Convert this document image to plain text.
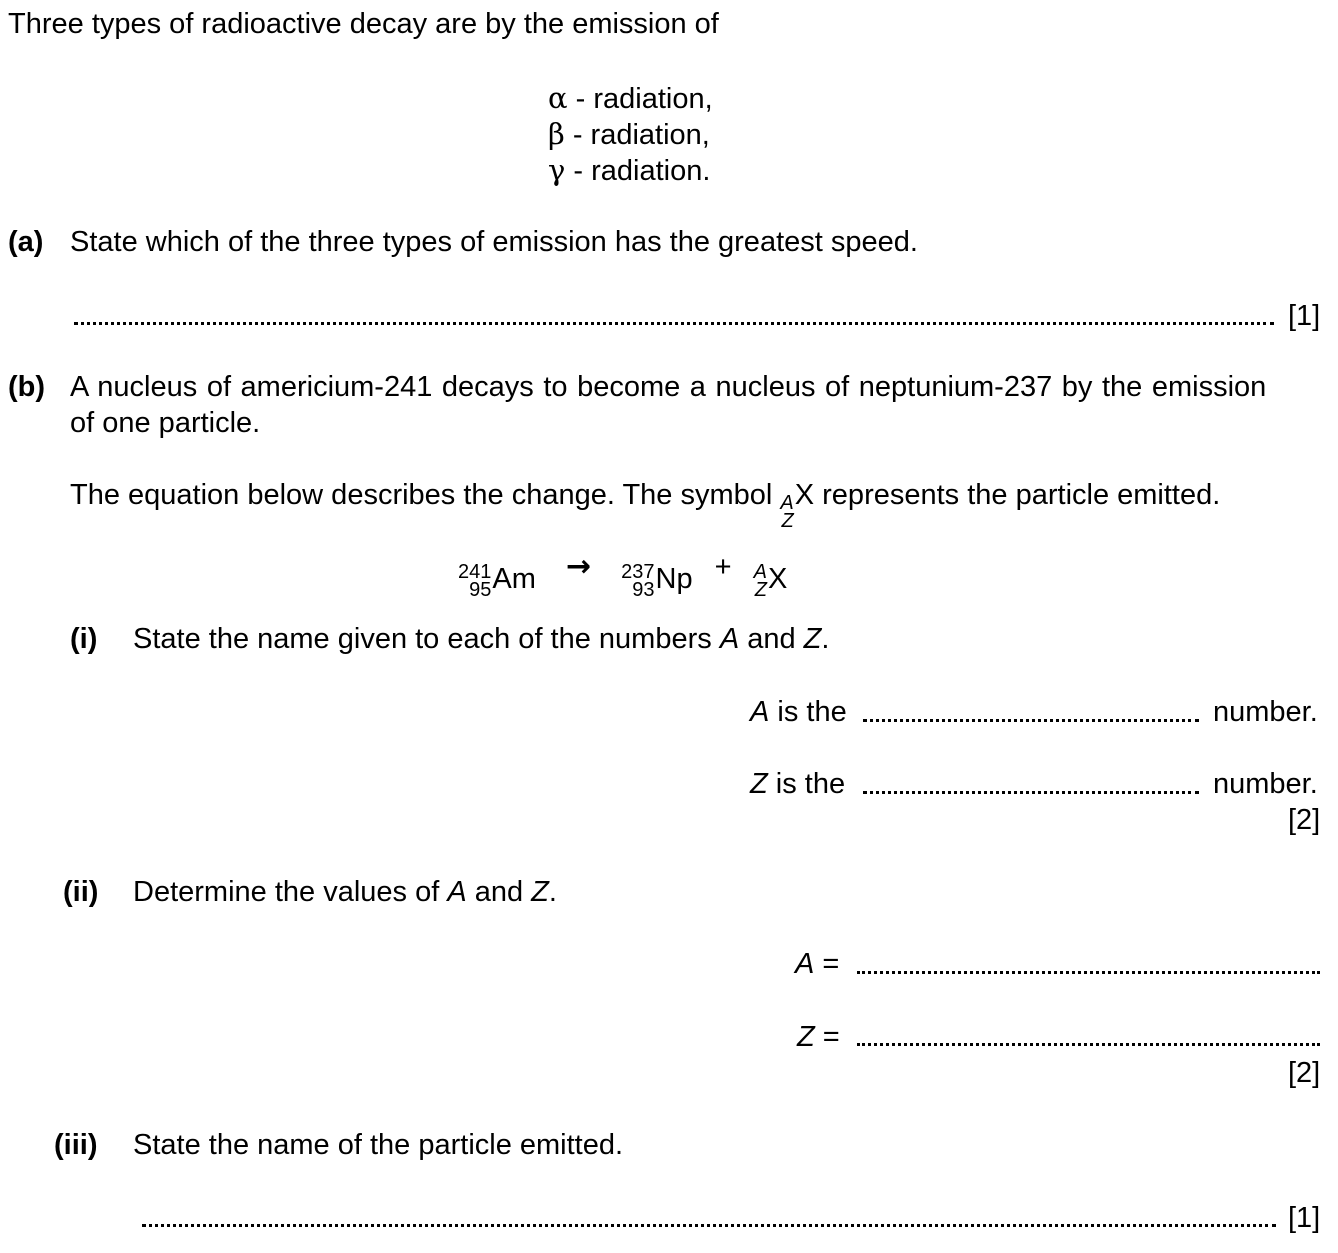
Three types of radioactive decay are by the emission of
α - radiation,
β - radiation,
γ - radiation.
(a) State which of the three types of emission has the greatest speed.
[1]
(b) A nucleus of americium-241 decays to become a nucleus of neptunium-237 by the emission
of one particle.
The equation below describes the change. The symbol A
Z
X represents the particle emitted.
241
95 Am → 237
93 Np + A
Z X
(i) State the name given to each of the numbers A and Z.
A is the	number.
Z is the	number.
[2]
(ii) Determine the values of A and Z.
A =
Z =
[2]
(iii) State the name of the particle emitted.
[1]
